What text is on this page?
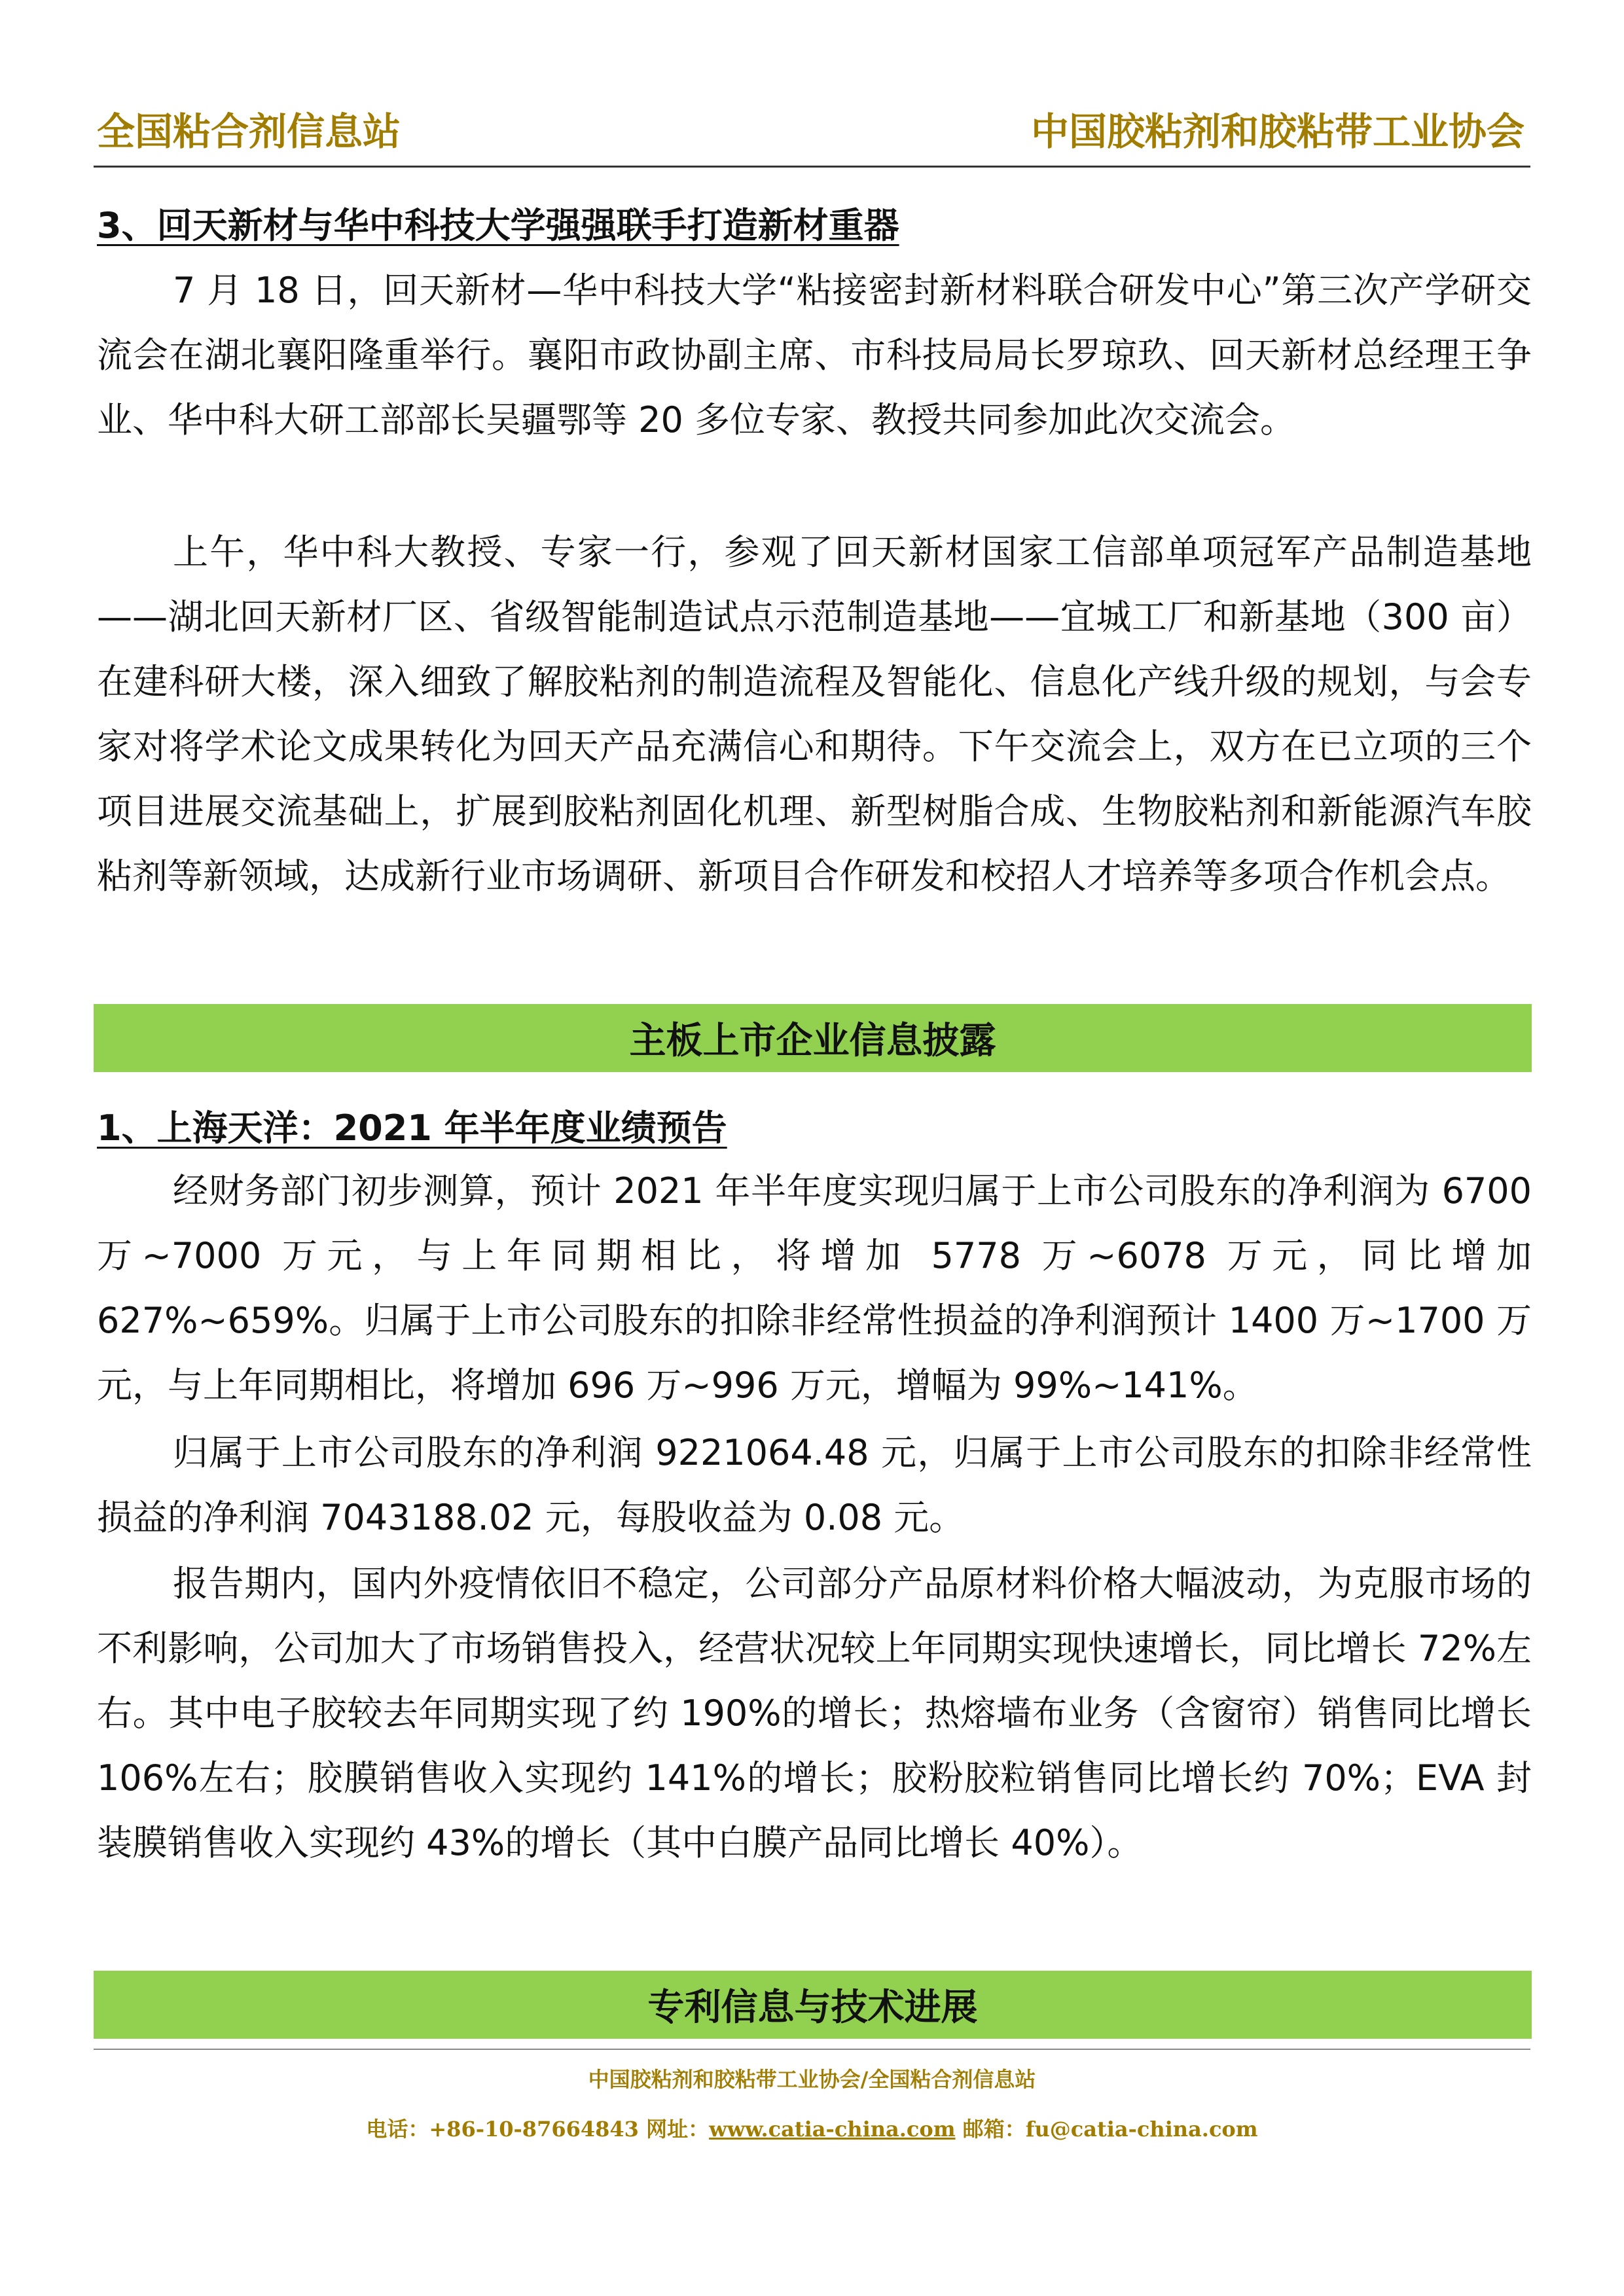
全国粘合剂信息站	中国胶粘剂和胶粘带工业协会
3、回天新材与华中科技大学强强联手打造新材重器

7 月 18 日，回天新材—华中科技大学“粘接密封新材料联合研发中心”第三次产学研交流会在湖北襄阳隆重举行。襄阳市政协副主席、市科技局局长罗琼玖、回天新材总经理王争业、华中科大研工部部长吴疆鄂等 20 多位专家、教授共同参加此次交流会。

上午，华中科大教授、专家一行，参观了回天新材国家工信部单项冠军产品制造基地——湖北回天新材厂区、省级智能制造试点示范制造基地——宜城工厂和新基地（300 亩）在建科研大楼，深入细致了解胶粘剂的制造流程及智能化、信息化产线升级的规划，与会专家对将学术论文成果转化为回天产品充满信心和期待。下午交流会上，双方在已立项的三个项目进展交流基础上，扩展到胶粘剂固化机理、新型树脂合成、生物胶粘剂和新能源汽车胶粘剂等新领域，达成新行业市场调研、新项目合作研发和校招人才培养等多项合作机会点。

主板上市企业信息披露
1、上海天洋：2021 年半年度业绩预告

经财务部门初步测算，预计 2021 年半年度实现归属于上市公司股东的净利润为 6700 万~7000 万元，与上年同期相比，将增加 5778 万~6078 万元，同比增加 627%~659%。归属于上市公司股东的扣除非经常性损益的净利润预计 1400 万~1700 万元，与上年同期相比，将增加 696 万~996 万元，增幅为 99%~141%。

归属于上市公司股东的净利润 9221064.48 元，归属于上市公司股东的扣除非经常性损益的净利润 7043188.02 元，每股收益为 0.08 元。

报告期内，国内外疫情依旧不稳定，公司部分产品原材料价格大幅波动，为克服市场的不利影响，公司加大了市场销售投入，经营状况较上年同期实现快速增长，同比增长 72%左右。其中电子胶较去年同期实现了约 190%的增长；热熔墙布业务（含窗帘）销售同比增长 106%左右；胶膜销售收入实现约 141%的增长；胶粉胶粒销售同比增长约 70%；EVA 封装膜销售收入实现约 43%的增长（其中白膜产品同比增长 40%）。

专利信息与技术进展
中国胶粘剂和胶粘带工业协会/全国粘合剂信息站
电话：+86-10-87664843 网址：www.catia-china.com 邮箱：fu@catia-china.com
